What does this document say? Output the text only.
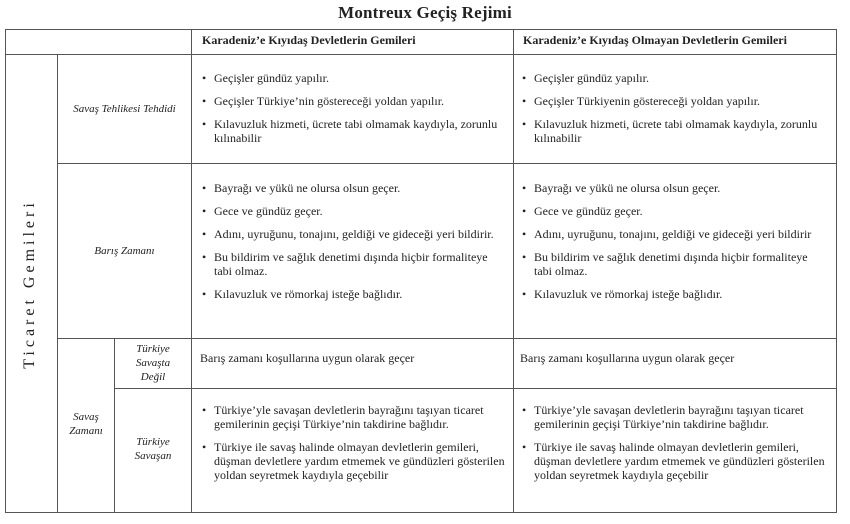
Montreux Geçiş Rejimi
Karadeniz’e Kıyıdaş Devletlerin Gemileri	Karadeniz’e Kıyıdaş Olmayan Devletlerin Gemileri
Ticaret Gemileri
Savaş Tehlikesi Tehdidi
Barış Zamanı
Savaş
Zamanı
Türkiye
Savaşta
Değil
Türkiye
Savaşan
• Geçişler gündüz yapılır.
• Geçişler Türkiye’nin göstereceği yoldan yapılır.
• Kılavuzluk hizmeti, ücrete tabi olmamak kaydıyla, zorunlu kılınabilir
• Geçişler gündüz yapılır.
• Geçişler Türkiyenin göstereceği yoldan yapılır.
• Kılavuzluk hizmeti, ücrete tabi olmamak kaydıyla, zorunlu kılınabilir
• Bayrağı ve yükü ne olursa olsun geçer.
• Gece ve gündüz geçer.
• Adını, uyruğunu, tonajını, geldiği ve gideceği yeri bildirir.
• Bu bildirim ve sağlık denetimi dışında hiçbir formaliteye tabi olmaz.
• Kılavuzluk ve römorkaj isteğe bağlıdır.
• Bayrağı ve yükü ne olursa olsun geçer.
• Gece ve gündüz geçer.
• Adını, uyruğunu, tonajını, geldiği ve gideceği yeri bildirir
• Bu bildirim ve sağlık denetimi dışında hiçbir formaliteye tabi olmaz.
• Kılavuzluk ve römorkaj isteğe bağlıdır.
Barış zamanı koşullarına uygun olarak geçer	Barış zamanı koşullarına uygun olarak geçer
• Türkiye’yle savaşan devletlerin bayrağını taşıyan ticaret gemilerinin geçişi Türkiye’nin takdirine bağlıdır.
• Türkiye ile savaş halinde olmayan devletlerin gemileri, düşman devletlere yardım etmemek ve gündüzleri gösterilen yoldan seyretmek kaydıyla geçebilir
• Türkiye’yle savaşan devletlerin bayrağını taşıyan ticaret gemilerinin geçişi Türkiye’nin takdirine bağlıdır.
• Türkiye ile savaş halinde olmayan devletlerin gemileri, düşman devletlere yardım etmemek ve gündüzleri gösterilen yoldan seyretmek kaydıyla geçebilir
